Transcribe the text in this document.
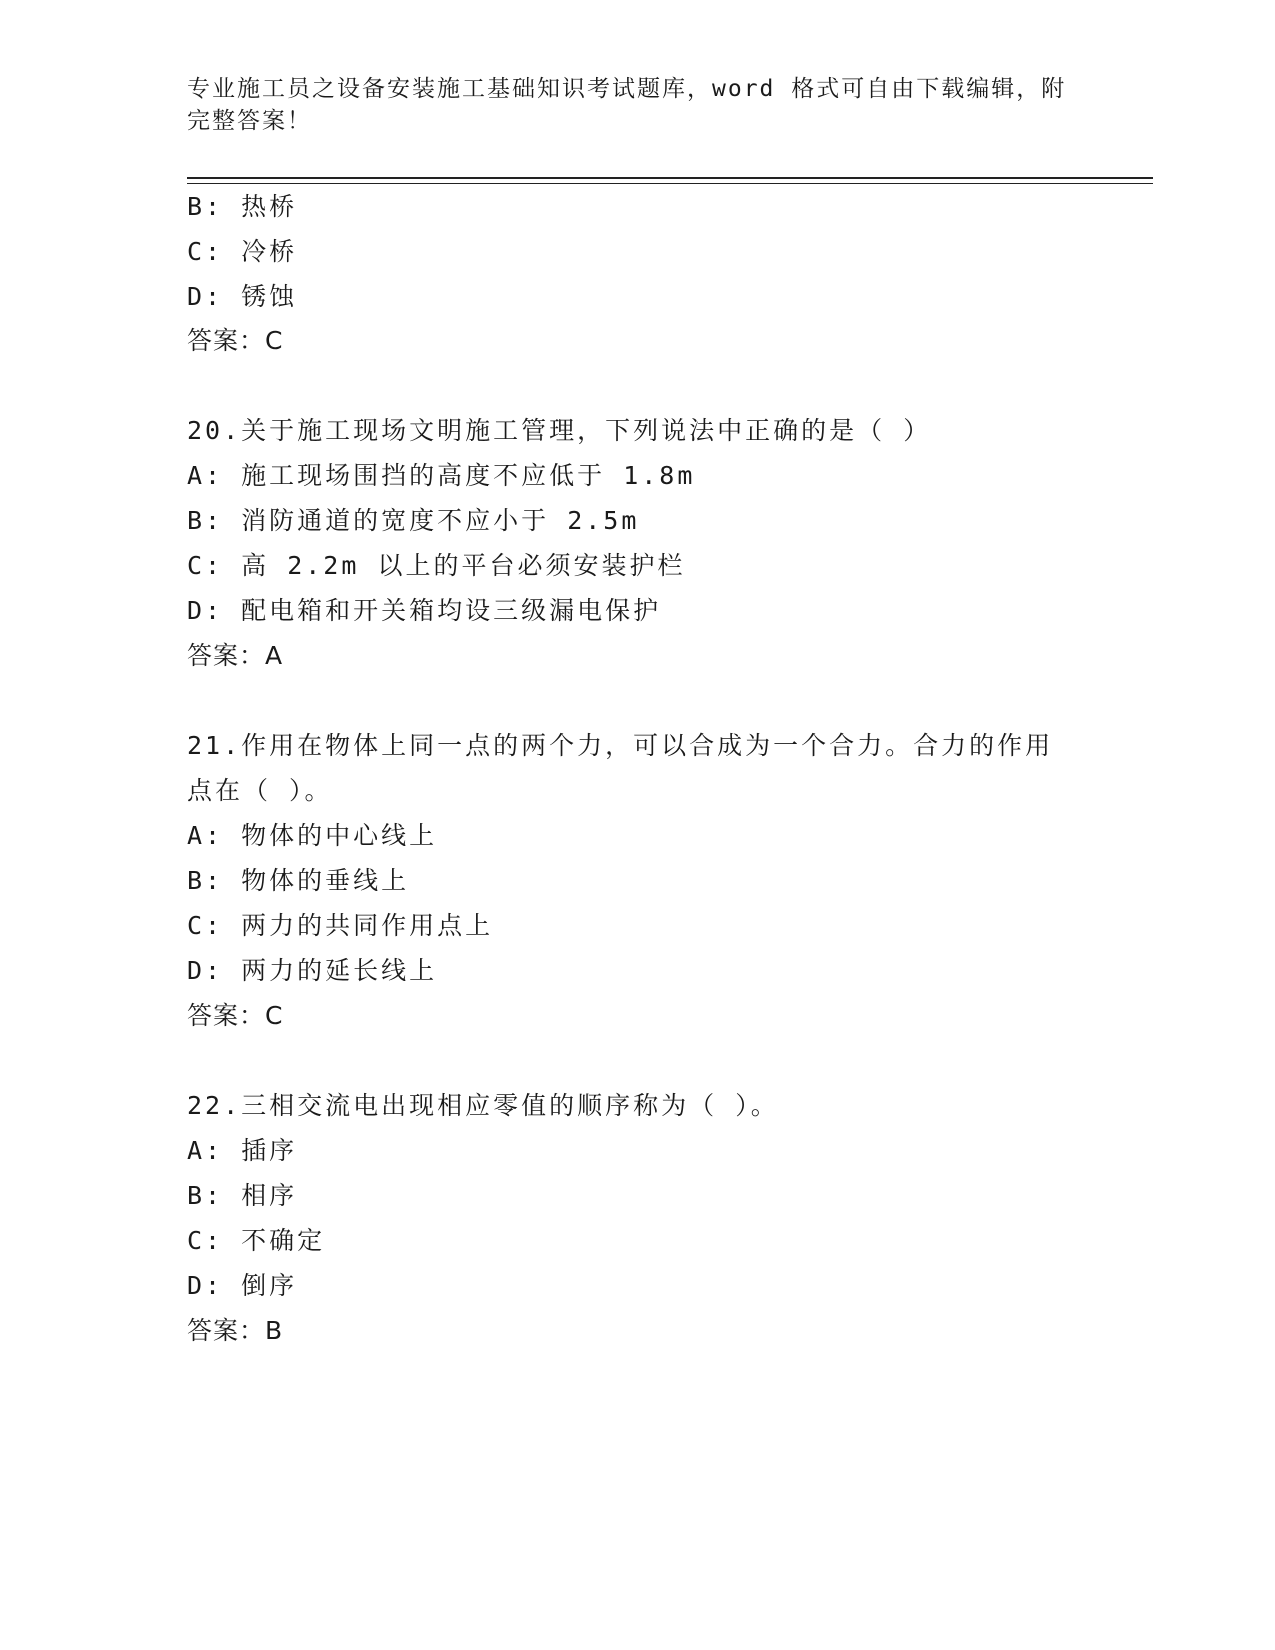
专业施工员之设备安装施工基础知识考试题库，word 格式可自由下载编辑，附完整答案！
B: 热桥
C: 冷桥
D: 锈蚀
答案：C
20.关于施工现场文明施工管理，下列说法中正确的是（ ）
A: 施工现场围挡的高度不应低于 1.8m
B: 消防通道的宽度不应小于 2.5m
C: 高 2.2m 以上的平台必须安装护栏
D: 配电箱和开关箱均设三级漏电保护
答案：A
21.作用在物体上同一点的两个力，可以合成为一个合力。合力的作用
点在（ ）。
A: 物体的中心线上
B: 物体的垂线上
C: 两力的共同作用点上
D: 两力的延长线上
答案：C
22.三相交流电出现相应零值的顺序称为（ ）。
A: 插序
B: 相序
C: 不确定
D: 倒序
答案：B
